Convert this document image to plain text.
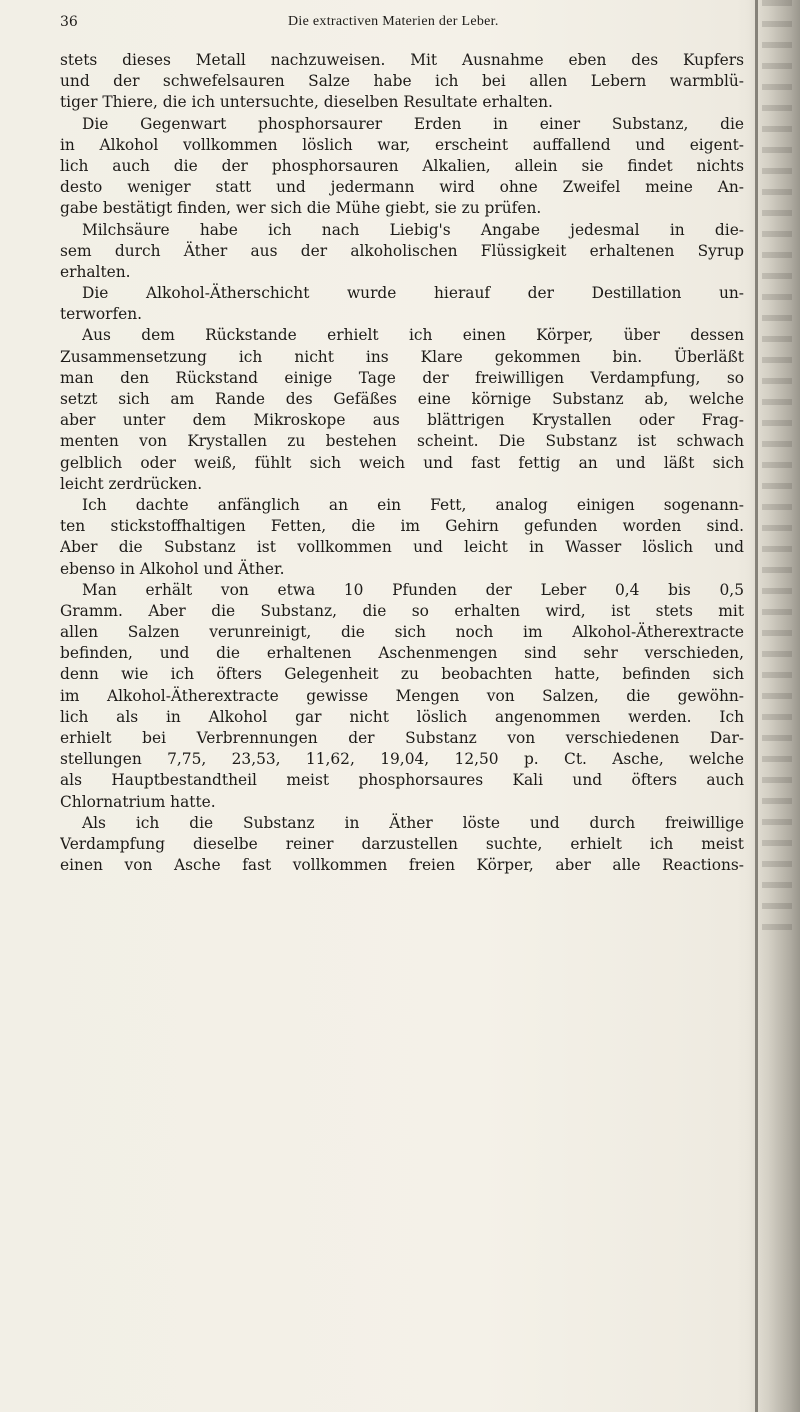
36	Die extractiven Materien der Leber.
stets dieses Metall nachzuweisen. Mit Ausnahme eben des Kupfers
und der schwefelsauren Salze habe ich bei allen Lebern warmblü-
tiger Thiere, die ich untersuchte, dieselben Resultate erhalten.
Die Gegenwart phosphorsaurer Erden in einer Substanz, die
in Alkohol vollkommen löslich war, erscheint auffallend und eigent-
lich auch die der phosphorsauren Alkalien, allein sie findet nichts
desto weniger statt und jedermann wird ohne Zweifel meine An-
gabe bestätigt finden, wer sich die Mühe giebt, sie zu prüfen.
Milchsäure habe ich nach Liebig's Angabe jedesmal in die-
sem durch Äther aus der alkoholischen Flüssigkeit erhaltenen Syrup
erhalten.
Die Alkohol-Ätherschicht wurde hierauf der Destillation un-
terworfen.
Aus dem Rückstande erhielt ich einen Körper, über dessen
Zusammensetzung ich nicht ins Klare gekommen bin. Überläßt
man den Rückstand einige Tage der freiwilligen Verdampfung, so
setzt sich am Rande des Gefäßes eine körnige Substanz ab, welche
aber unter dem Mikroskope aus blättrigen Krystallen oder Frag-
menten von Krystallen zu bestehen scheint. Die Substanz ist schwach
gelblich oder weiß, fühlt sich weich und fast fettig an und läßt sich
leicht zerdrücken.
Ich dachte anfänglich an ein Fett, analog einigen sogenann-
ten stickstoffhaltigen Fetten, die im Gehirn gefunden worden sind.
Aber die Substanz ist vollkommen und leicht in Wasser löslich und
ebenso in Alkohol und Äther.
Man erhält von etwa 10 Pfunden der Leber 0,4 bis 0,5
Gramm. Aber die Substanz, die so erhalten wird, ist stets mit
allen Salzen verunreinigt, die sich noch im Alkohol-Ätherextracte
befinden, und die erhaltenen Aschenmengen sind sehr verschieden,
denn wie ich öfters Gelegenheit zu beobachten hatte, befinden sich
im Alkohol-Ätherextracte gewisse Mengen von Salzen, die gewöhn-
lich als in Alkohol gar nicht löslich angenommen werden. Ich
erhielt bei Verbrennungen der Substanz von verschiedenen Dar-
stellungen 7,75, 23,53, 11,62, 19,04, 12,50 p. Ct. Asche, welche
als Hauptbestandtheil meist phosphorsaures Kali und öfters auch
Chlornatrium hatte.
Als ich die Substanz in Äther löste und durch freiwillige
Verdampfung dieselbe reiner darzustellen suchte, erhielt ich meist
einen von Asche fast vollkommen freien Körper, aber alle Reactions-
